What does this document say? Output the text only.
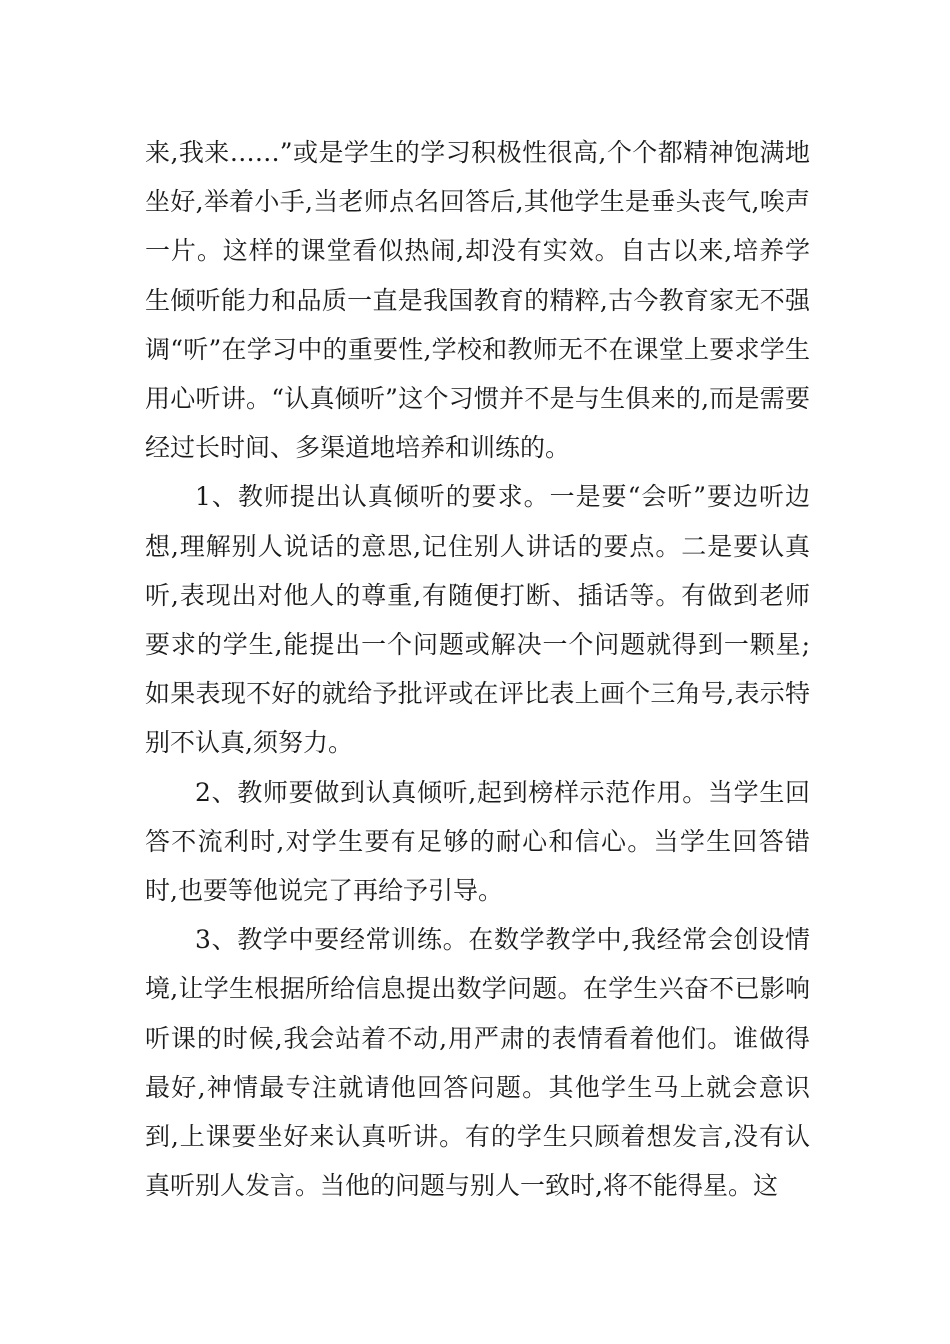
来,我来……”或是学生的学习积极性很高,个个都精神饱满地坐好,举着小手,当老师点名回答后,其他学生是垂头丧气,唉声一片。这样的课堂看似热闹,却没有实效。自古以来,培养学生倾听能力和品质一直是我国教育的精粹,古今教育家无不强调“听”在学习中的重要性,学校和教师无不在课堂上要求学生用心听讲。“认真倾听”这个习惯并不是与生俱来的,而是需要经过长时间、多渠道地培养和训练的。

1、教师提出认真倾听的要求。一是要“会听”要边听边想,理解别人说话的意思,记住别人讲话的要点。二是要认真听,表现出对他人的尊重,有随便打断、插话等。有做到老师要求的学生,能提出一个问题或解决一个问题就得到一颗星;如果表现不好的就给予批评或在评比表上画个三角号,表示特别不认真,须努力。

2、教师要做到认真倾听,起到榜样示范作用。当学生回答不流利时,对学生要有足够的耐心和信心。当学生回答错时,也要等他说完了再给予引导。

3、教学中要经常训练。在数学教学中,我经常会创设情境,让学生根据所给信息提出数学问题。在学生兴奋不已影响听课的时候,我会站着不动,用严肃的表情看着他们。谁做得最好,神情最专注就请他回答问题。其他学生马上就会意识到,上课要坐好来认真听讲。有的学生只顾着想发言,没有认真听别人发言。当他的问题与别人一致时,将不能得星。这
